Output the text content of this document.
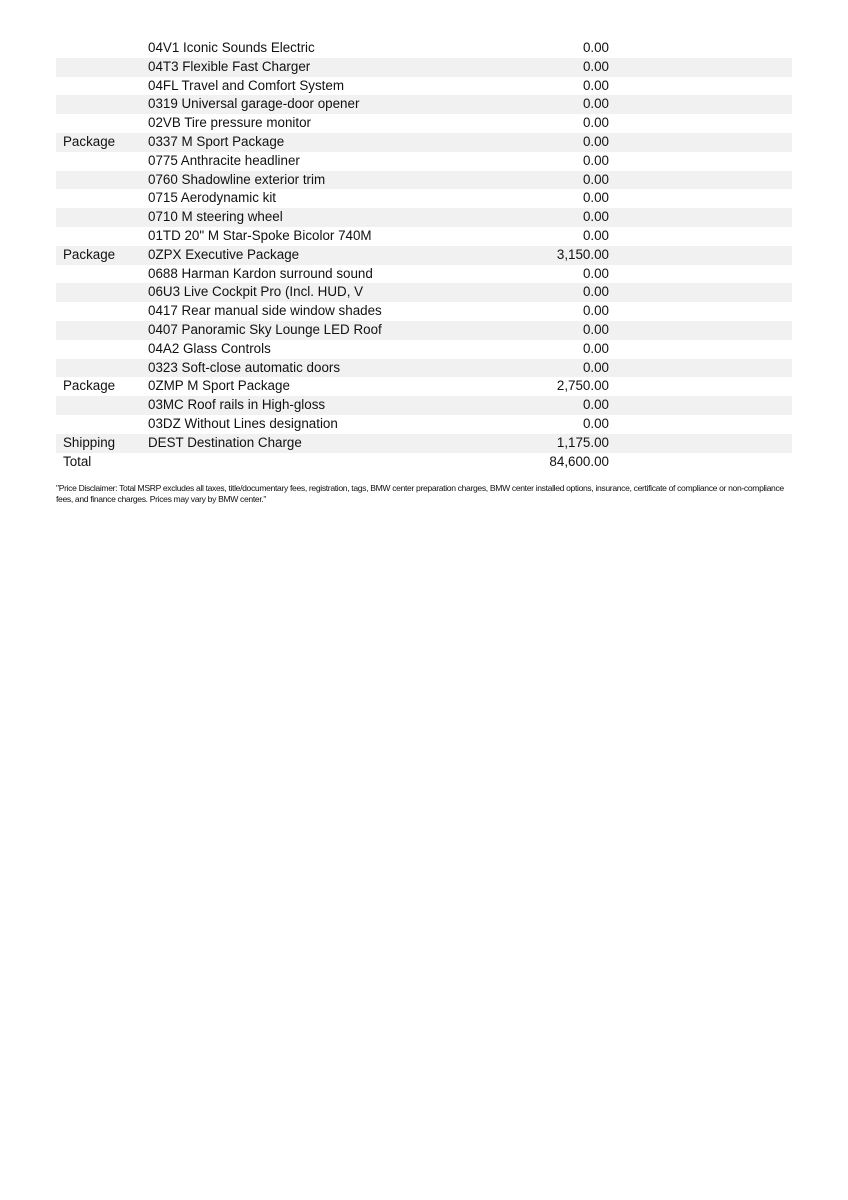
04V1 Iconic Sounds Electric	0.00
04T3 Flexible Fast Charger	0.00
04FL Travel and Comfort System	0.00
0319 Universal garage-door opener	0.00
02VB Tire pressure monitor	0.00
Package 0337 M Sport Package	0.00
0775 Anthracite headliner	0.00
0760 Shadowline exterior trim	0.00
0715 Aerodynamic kit	0.00
0710 M steering wheel	0.00
01TD 20" M Star-Spoke Bicolor 740M	0.00
Package 0ZPX Executive Package	3,150.00
0688 Harman Kardon surround sound	0.00
06U3 Live Cockpit Pro (Incl. HUD, V	0.00
0417 Rear manual side window shades	0.00
0407 Panoramic Sky Lounge LED Roof	0.00
04A2 Glass Controls	0.00
0323 Soft-close automatic doors	0.00
Package 0ZMP M Sport Package	2,750.00
03MC Roof rails in High-gloss	0.00
03DZ Without Lines designation	0.00
Shipping DEST Destination Charge	1,175.00
Total	84,600.00
"Price Disclaimer: Total MSRP excludes all taxes, title/documentary fees, registration, tags, BMW center preparation charges, BMW center installed options, insurance, certificate of compliance or non-compliance fees, and finance charges. Prices may vary by BMW center."
